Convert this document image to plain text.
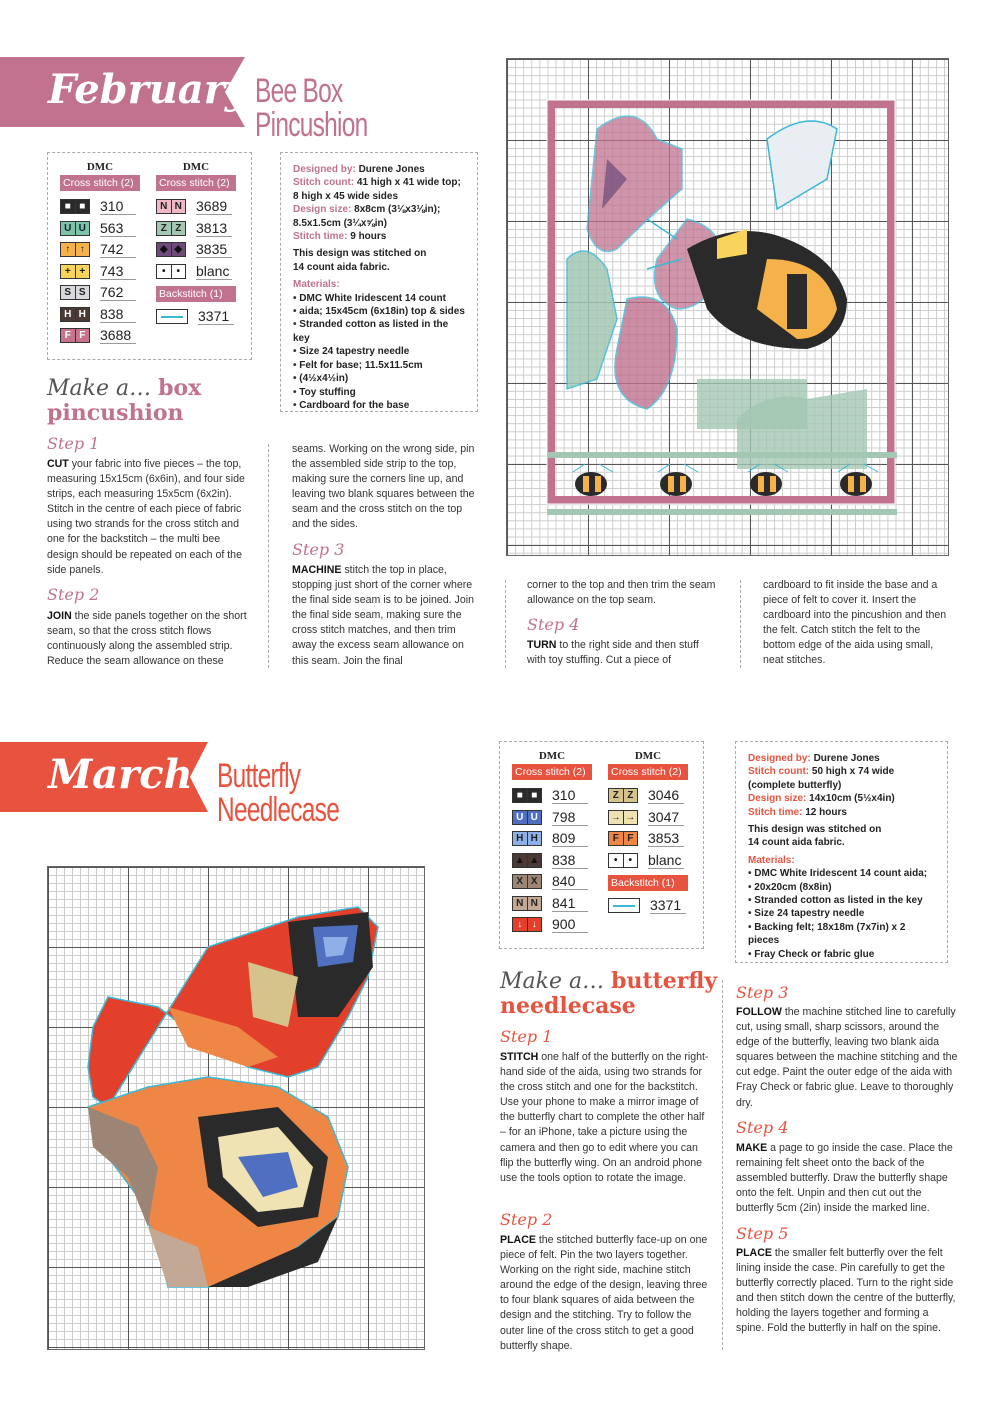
February Bee Box Pincushion
DMC
Cross stitch (2)
■ ■ 310
U U 563
↑ ↑	742
+ + 743
S S 762
H H 838
F F 3688
DMC
Cross stitch (2)
N N 3689
Z Z 3813
◆ ◆ 3835
•	•	blanc
Backstitch (1)
3371

Designed by: Durene Jones

Stitch count: 41 high x 41 wide top;

8 high x 45 wide sides

Design size: 8x8cm (3⅛x3⅛in);

8.5x1.5cm (3¼x⅝in)

Stitch time: 9 hours

This design was stitched on

14 count aida fabric.

Materials:

• DMC White Iridescent 14 count
• aida; 15x45cm (6x18in) top & sides
• Stranded cotton as listed in the key
• Size 24 tapestry needle
• Felt for base; 11.5x11.5cm
• (4½x4½in)
• Toy stuffing
• Cardboard for the base
Make a… box
pincushion
Step 1
CUT your fabric into five pieces – the top, measuring 15x15cm (6x6in), and four side strips, each measuring 15x5cm (6x2in). Stitch in the centre of each piece of fabric using two strands for the cross stitch and one for the backstitch – the multi bee design should be repeated on each of the side panels.
Step 2
JOIN the side panels together on the short seam, so that the cross stitch flows continuously along the assembled strip. Reduce the seam allowance on these
seams. Working on the wrong side, pin the assembled side strip to the top, making sure the corners line up, and leaving two blank squares between the seam and the cross stitch on the top and the sides.
Step 3
MACHINE stitch the top in place, stopping just short of the corner where the final side seam is to be joined. Join the final side seam, making sure the cross stitch matches, and then trim away the excess seam allowance on this seam. Join the final
corner to the top and then trim the seam allowance on the top seam.
Step 4
TURN to the right side and then stuff with toy stuffing. Cut a piece of
cardboard to fit inside the base and a piece of felt to cover it. Insert the cardboard into the pincushion and then the felt. Catch stitch the felt to the bottom edge of the aida using small, neat stitches.
March Butterfly Needlecase
DMC
Cross stitch (2)
■ ■ 310
U U 798
H H 809
▲ ▲ 838
X X 840
N N 841
↓ ↓	900
DMC
Cross stitch (2)
Z Z 3046
→ → 3047
F F 3853
•	•	blanc
Backstitch (1)
3371

Designed by: Durene Jones

Stitch count: 50 high x 74 wide

(complete butterfly)

Design size: 14x10cm (5½x4in)

Stitch time: 12 hours

This design was stitched on

14 count aida fabric.

Materials:

• DMC White Iridescent 14 count aida;
• 20x20cm (8x8in)
• Stranded cotton as listed in the key
• Size 24 tapestry needle
• Backing felt; 18x18m (7x7in) x 2 pieces
• Fray Check or fabric glue
Make a… butterfly
needlecase
Step 1
STITCH one half of the butterfly on the right-hand side of the aida, using two strands for the cross stitch and one for the backstitch. Use your phone to make a mirror image of the butterfly chart to complete the other half – for an iPhone, take a picture using the camera and then go to edit where you can flip the butterfly wing. On an android phone use the tools option to rotate the image.
Step 2
PLACE the stitched butterfly face-up on one piece of felt. Pin the two layers together. Working on the right side, machine stitch around the edge of the design, leaving three to four blank squares of aida between the design and the stitching. Try to follow the outer line of the cross stitch to get a good butterfly shape.
Step 3
FOLLOW the machine stitched line to carefully cut, using small, sharp scissors, around the edge of the butterfly, leaving two blank aida squares between the machine stitching and the cut edge. Paint the outer edge of the aida with Fray Check or fabric glue. Leave to thoroughly dry.
Step 4
MAKE a page to go inside the case. Place the remaining felt sheet onto the back of the assembled butterfly. Draw the butterfly shape onto the felt. Unpin and then cut out the butterfly 5cm (2in) inside the marked line.
Step 5
PLACE the smaller felt butterfly over the felt lining inside the case. Pin carefully to get the butterfly correctly placed. Turn to the right side and then stitch down the centre of the butterfly, holding the layers together and forming a spine. Fold the butterfly in half on the spine.
